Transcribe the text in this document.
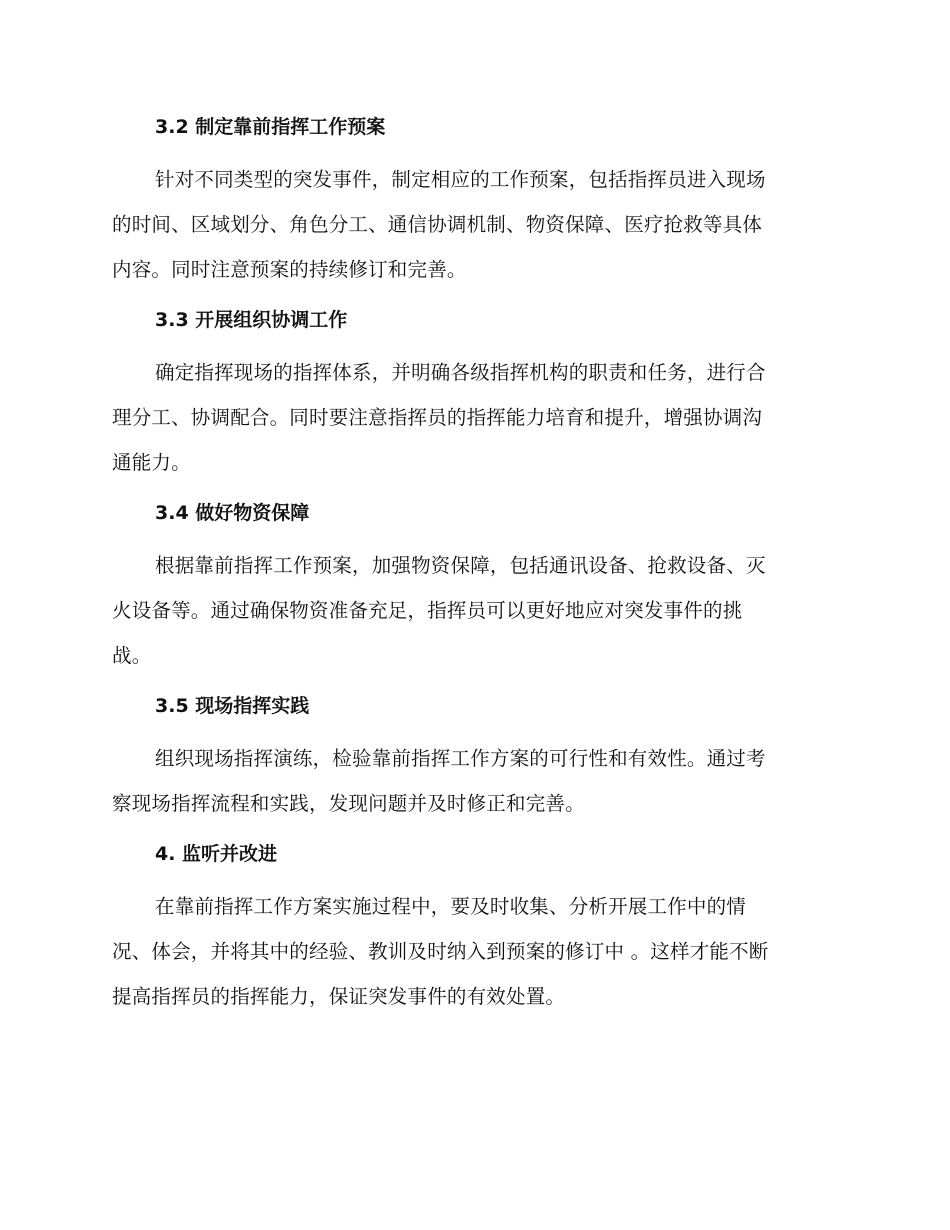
3.2 制定靠前指挥工作预案

针对不同类型的突发事件，制定相应的工作预案，包括指挥员进入现场
的时间、区域划分、角色分工、通信协调机制、物资保障、医疗抢救等具体
内容。同时注意预案的持续修订和完善。

3.3 开展组织协调工作

确定指挥现场的指挥体系，并明确各级指挥机构的职责和任务，进行合
理分工、协调配合。同时要注意指挥员的指挥能力培育和提升，增强协调沟
通能力。

3.4 做好物资保障

根据靠前指挥工作预案，加强物资保障，包括通讯设备、抢救设备、灭
火设备等。通过确保物资准备充足，指挥员可以更好地应对突发事件的挑
战。

3.5 现场指挥实践

组织现场指挥演练，检验靠前指挥工作方案的可行性和有效性。通过考
察现场指挥流程和实践，发现问题并及时修正和完善。

4. 监听并改进

在靠前指挥工作方案实施过程中，要及时收集、分析开展工作中的情
况、体会，并将其中的经验、教训及时纳入到预案的修订中 。这样才能不断
提高指挥员的指挥能力，保证突发事件的有效处置。
